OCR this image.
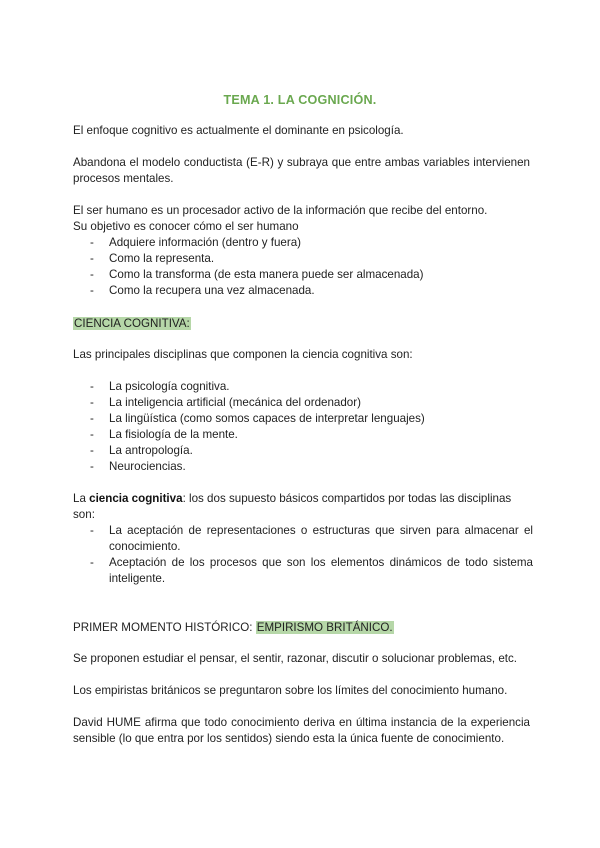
TEMA 1. LA COGNICIÓN.

El enfoque cognitivo es actualmente el dominante en psicología.

Abandona el modelo conductista (E-R) y subraya que entre ambas variables intervienen procesos mentales.

El ser humano es un procesador activo de la información que recibe del entorno.

Su objetivo es conocer cómo el ser humano

- Adquiere información (dentro y fuera)
- Como la representa.
- Como la transforma (de esta manera puede ser almacenada)
- Como la recupera una vez almacenada.

CIENCIA COGNITIVA:

Las principales disciplinas que componen la ciencia cognitiva son:

- La psicología cognitiva.
- La inteligencia artificial (mecánica del ordenador)
- La lingüística (como somos capaces de interpretar lenguajes)
- La fisiología de la mente.
- La antropología.
- Neurociencias.

La ciencia cognitiva: los dos supuesto básicos compartidos por todas las disciplinas son:

- La aceptación de representaciones o estructuras que sirven para almacenar el conocimiento.
- Aceptación de los procesos que son los elementos dinámicos de todo sistema inteligente.

PRIMER MOMENTO HISTÓRICO: EMPIRISMO BRITÁNICO.

Se proponen estudiar el pensar, el sentir, razonar, discutir o solucionar problemas, etc.

Los empiristas británicos se preguntaron sobre los límites del conocimiento humano.

David HUME afirma que todo conocimiento deriva en última instancia de la experiencia sensible (lo que entra por los sentidos) siendo esta la única fuente de conocimiento.
